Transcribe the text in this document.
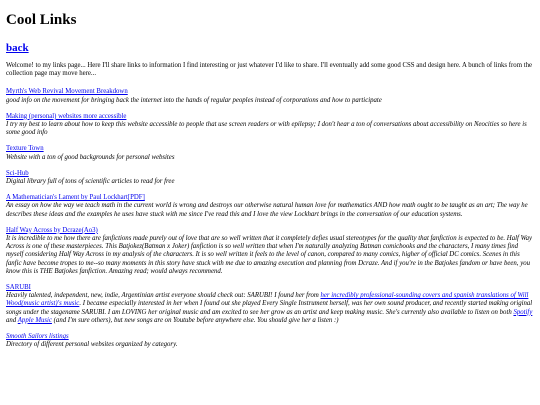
Cool Links
back

Welcome! to my links page... Here I'll share links to information I find interesting or just whatever I'd like to share. I'll eventually add some good CSS and design here. A bunch of links from the collection page may move here...

Myrth's Web Revival Movement Breakdown
good info on the movement for bringing back the internet into the hands of regular peoples instead of corporations and how to participate
Making (personal) websites more accessible
I try my best to learn about how to keep this website accessible to people that use screen readers or with epilepsy; I don't hear a ton of conversations about accessibility on Neocities so here is some good info
Texture Town
Website with a ton of good backgrounds for personal websites
Sci-Hub
Digital library full of tons of scientific articles to read for free
A Mathematician's Lament by Paul Lockhart[PDF]
An essay on how the way we teach math in the current world is wrong and destroys our otherwise natural human love for mathematics AND how math ought to be taught as an art; The way he describes these ideas and the examples he uses have stuck with me since I've read this and I love the view Lockhart brings in the conversation of our education systems.
Half Way Across by Dcraze(Ao3)
It is incredible to me how there are fanfictions made purely out of love that are so well written that it completely defies usual stereotypes for the quality that fanfiction is expected to be. Half Way Across is one of these masterpieces. This Batjokez(Batman x Joker) fanfiction is so well written that when I'm naturally analyzing Batman comicbooks and the characters, I many times find myself considering Half Way Across in my analysis of the characters. It is so well written it feels to the level of canon, compared to many comics, higher of official DC comics. Scenes in this fanfic have become tropes to me--so many moments in this story have stuck with me due to amazing execution and planning from Dcraze. And if you're in the Batjokes fandom or have been, you know this is THE Batjokes fanfiction. Amazing read; would always recommend.
SARUBI
Heavily talented, independent, new, indie, Argentinian artist everyone should check out: SARUBI! I found her from her incredibly professional-sounding covers and spanish translations of Will Wood(music artist)'s music. I became especially interested in her when I found out she played Every Single Instrument herself, was her own sound producer, and recently started making original songs under the stagename SARUBI. I am LOVING her original music and am excited to see her grow as an artist and keep making music. She's currently also available to listen on both Spotify and Apple Music (and I'm sure others), but new songs are on Youtube before anywhere else. You should give her a listen :)
Smooth Sailors listings
Directory of different personal websites organized by category.
